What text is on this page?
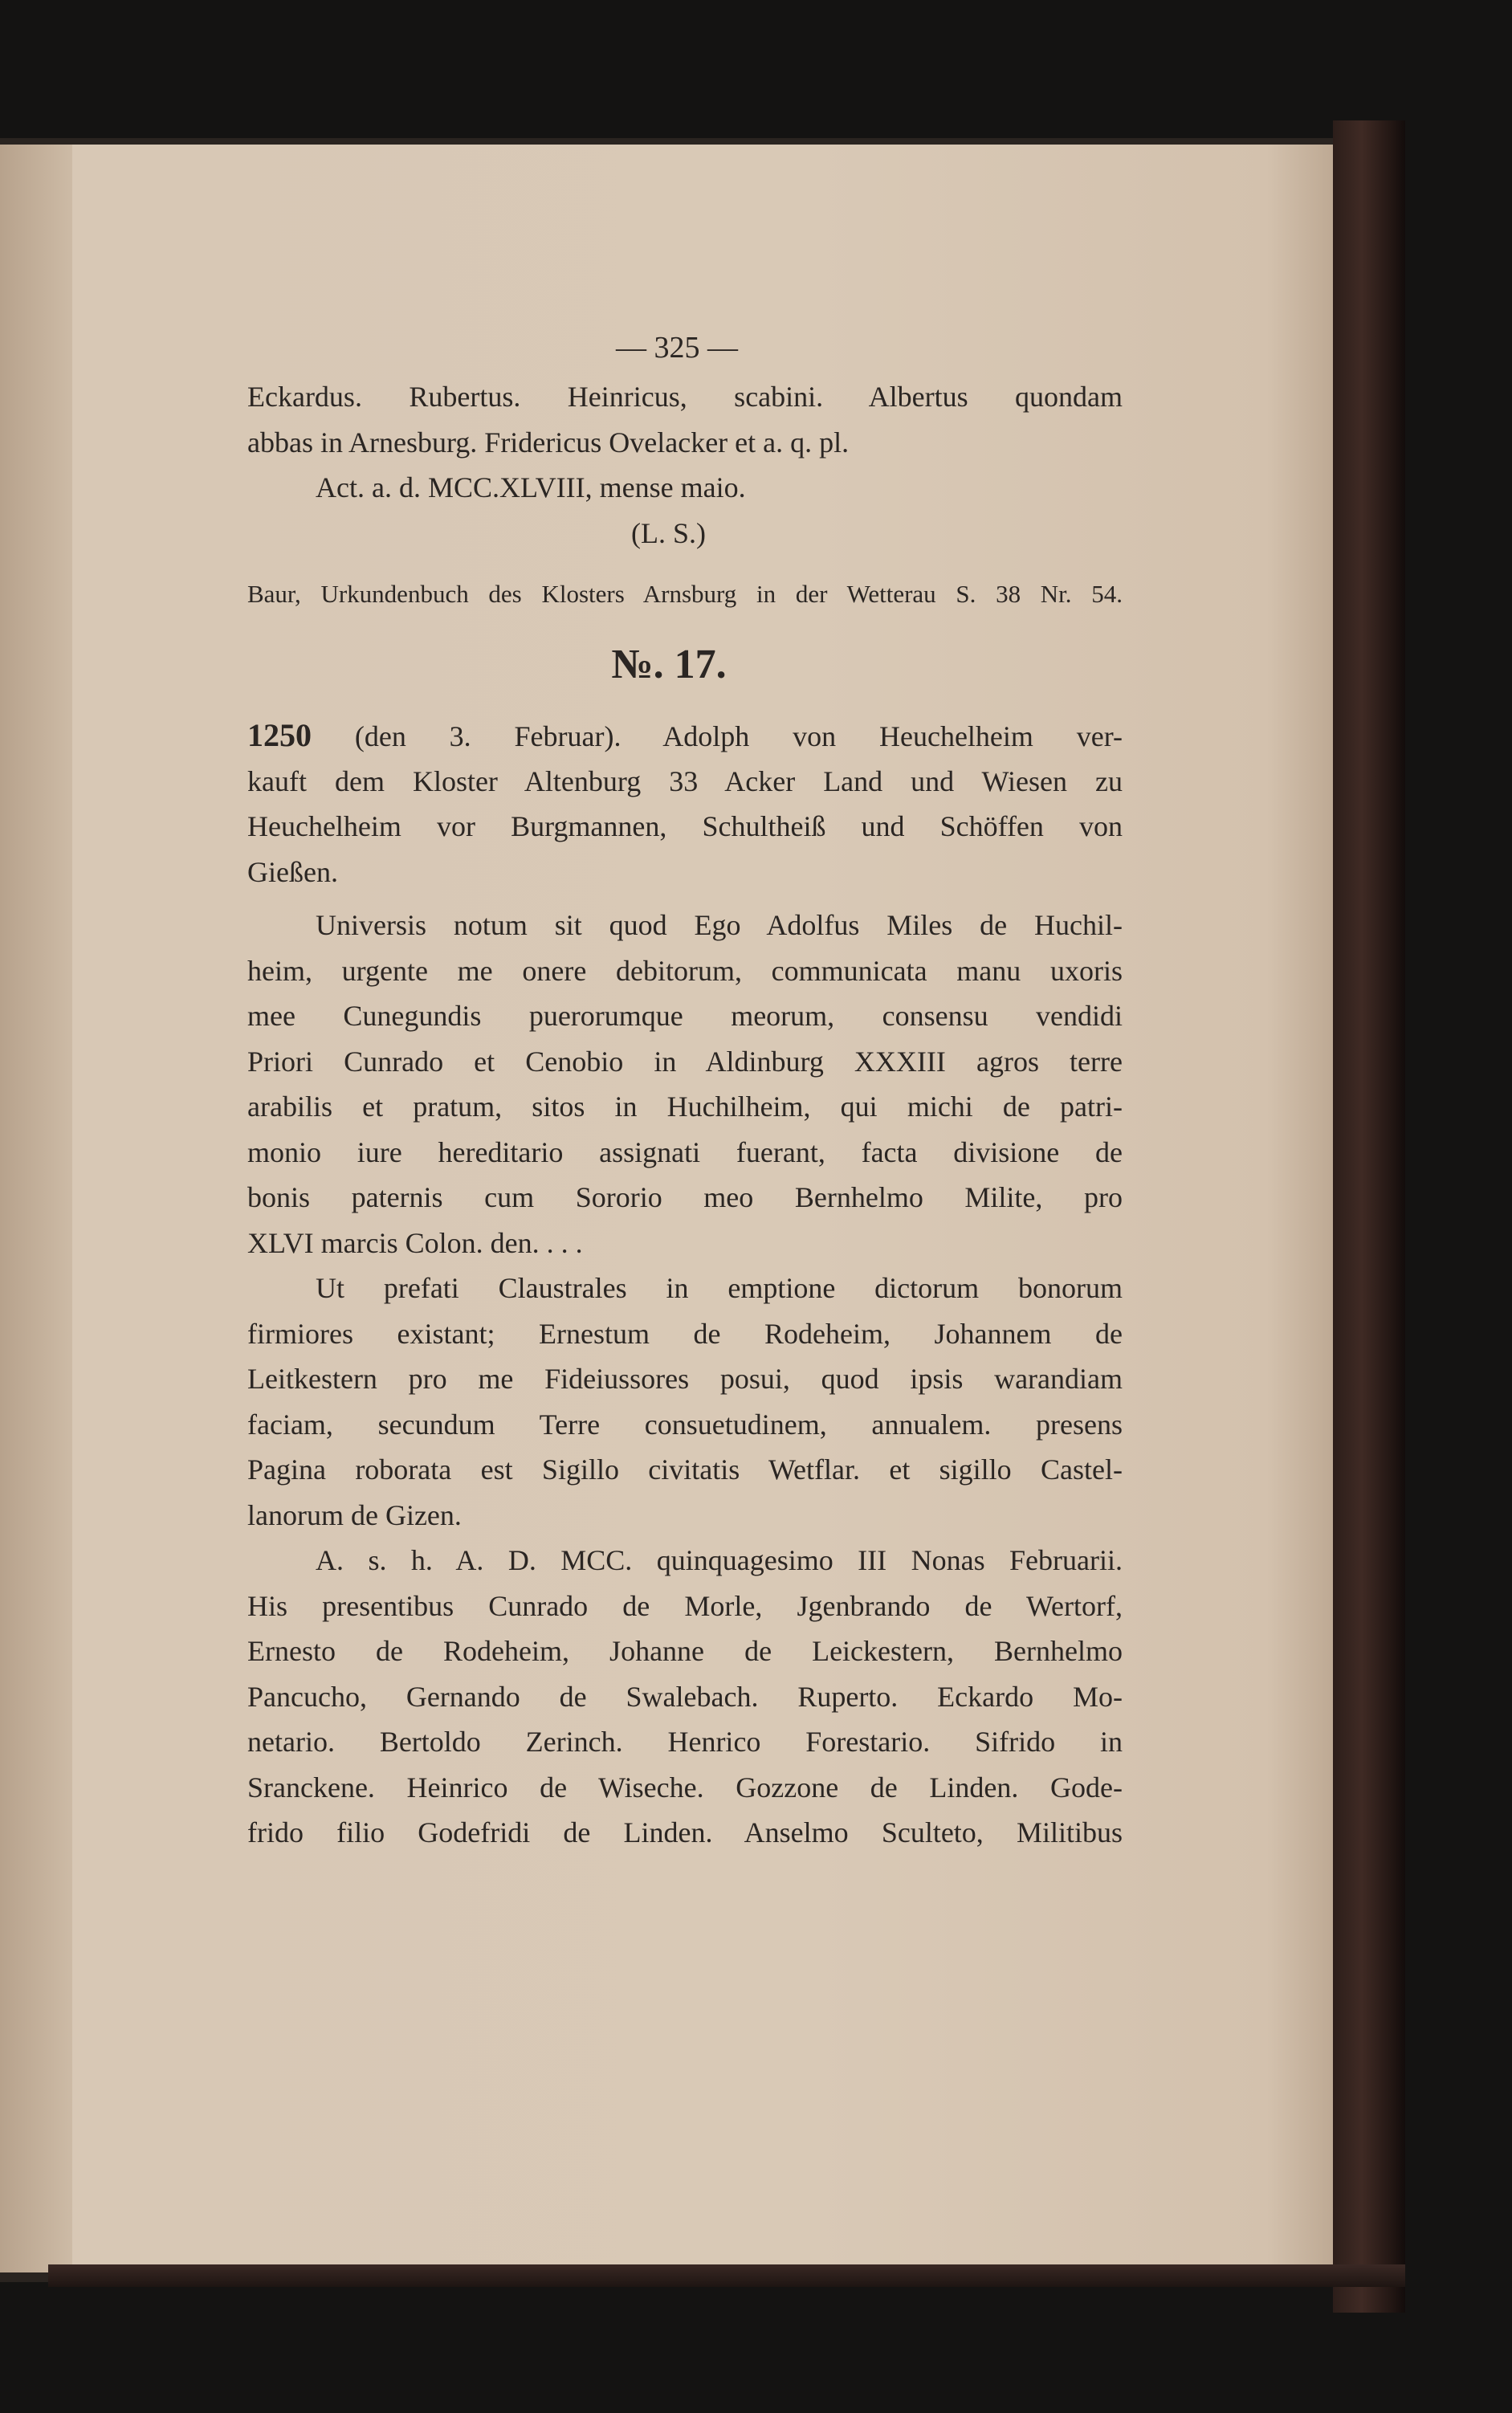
— 325 —
Eckardus. Rubertus. Heinricus, scabini. Albertus quondam
abbas in Arnesburg. Fridericus Ovelacker et a. q. pl.
Act. a. d. MCC.XLVIII, mense maio.
(L. S.)
Baur, Urkundenbuch des Klosters Arnsburg in der Wetterau S. 38 Nr. 54.
№. 17.
1250 (den 3. Februar). Adolph von Heuchelheim ver-
kauft dem Kloster Altenburg 33 Acker Land und Wiesen zu
Heuchelheim vor Burgmannen, Schultheiß und Schöffen von
Gießen.
Universis notum sit quod Ego Adolfus Miles de Huchil-
heim, urgente me onere debitorum, communicata manu uxoris
mee Cunegundis puerorumque meorum, consensu vendidi
Priori Cunrado et Cenobio in Aldinburg XXXIII agros terre
arabilis et pratum, sitos in Huchilheim, qui michi de patri-
monio iure hereditario assignati fuerant, facta divisione de
bonis paternis cum Sororio meo Bernhelmo Milite, pro
XLVI marcis Colon. den. . . .
Ut prefati Claustrales in emptione dictorum bonorum
firmiores existant; Ernestum de Rodeheim, Johannem de
Leitkestern pro me Fideiussores posui, quod ipsis warandiam
faciam, secundum Terre consuetudinem, annualem. presens
Pagina roborata est Sigillo civitatis Wetflar. et sigillo Castel-
lanorum de Gizen.
A. s. h. A. D. MCC. quinquagesimo III Nonas Februarii.
His presentibus Cunrado de Morle, Jgenbrando de Wertorf,
Ernesto de Rodeheim, Johanne de Leickestern, Bernhelmo
Pancucho, Gernando de Swalebach. Ruperto. Eckardo Mo-
netario. Bertoldo Zerinch. Henrico Forestario. Sifrido in
Sranckene. Heinrico de Wiseche. Gozzone de Linden. Gode-
frido filio Godefridi de Linden. Anselmo Sculteto, Militibus
